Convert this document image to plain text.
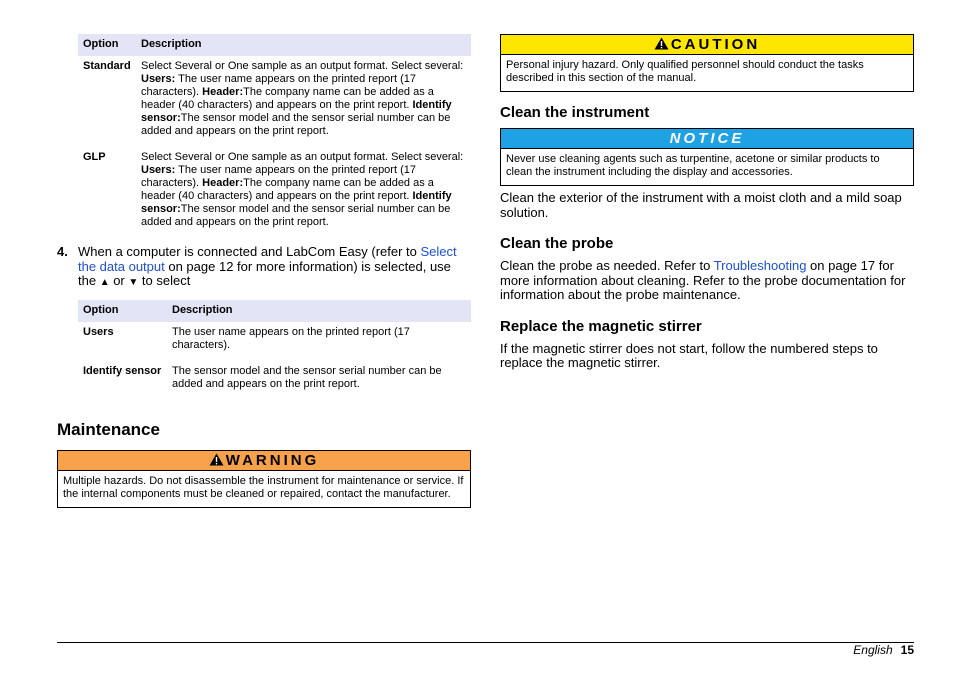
Option	Description
Standard	Select Several or One sample as an output format. Select several: Users: The user name appears on the printed report (17 characters). Header:The company name can be added as a header (40 characters) and appears on the print report. Identify sensor:The sensor model and the sensor serial number can be added and appears on the print report.
GLP	Select Several or One sample as an output format. Select several: Users: The user name appears on the printed report (17 characters). Header:The company name can be added as a header (40 characters) and appears on the print report. Identify sensor:The sensor model and the sensor serial number can be added and appears on the print report.
4. When a computer is connected and LabCom Easy (refer to Select the data output on page 12 for more information) is selected, use the ▲ or ▼ to select
Option	Description
Users	The user name appears on the printed report (17 characters).
Identify sensor	The sensor model and the sensor serial number can be added and appears on the print report.
Maintenance
WARNING
Multiple hazards. Do not disassemble the instrument for maintenance or service. If the internal components must be cleaned or repaired, contact the manufacturer.
CAUTION
Personal injury hazard. Only qualified personnel should conduct the tasks described in this section of the manual.
Clean the instrument
NOTICE
Never use cleaning agents such as turpentine, acetone or similar products to clean the instrument including the display and accessories.

Clean the exterior of the instrument with a moist cloth and a mild soap solution.

Clean the probe

Clean the probe as needed. Refer to Troubleshooting on page 17 for more information about cleaning. Refer to the probe documentation for information about the probe maintenance.

Replace the magnetic stirrer

If the magnetic stirrer does not start, follow the numbered steps to replace the magnetic stirrer.

English 15
